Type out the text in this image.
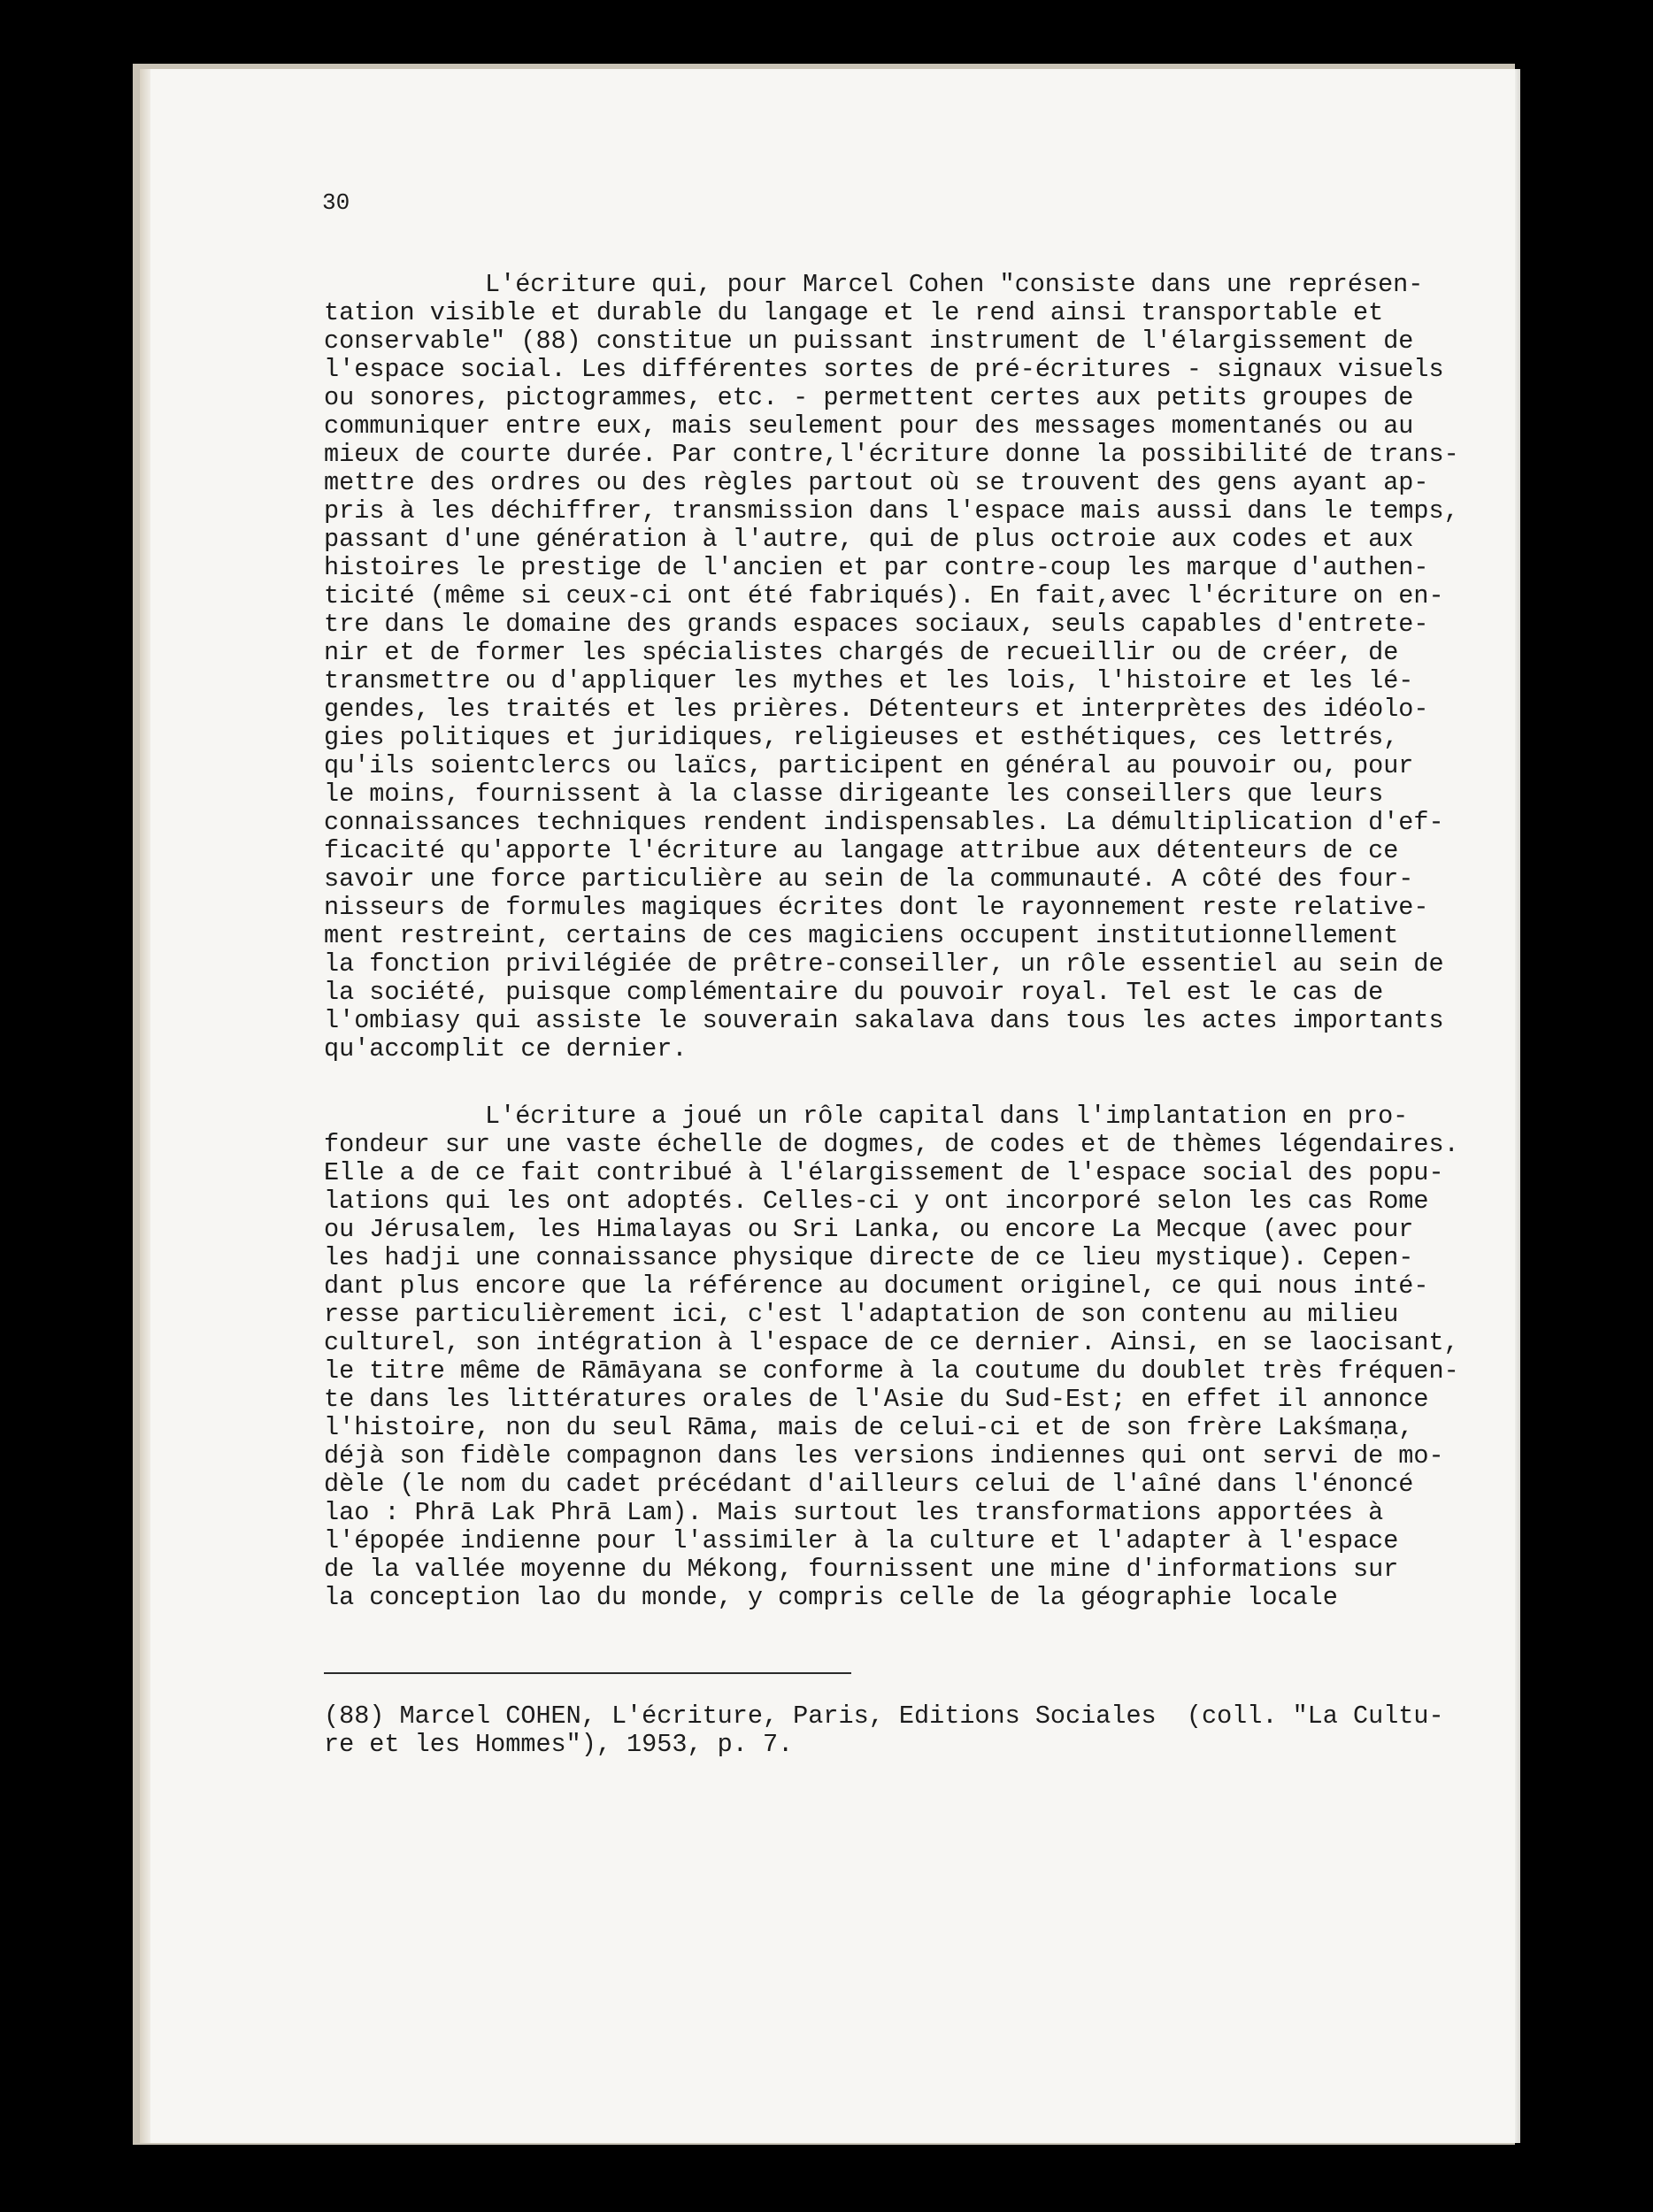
30
L'écriture qui, pour Marcel Cohen "consiste dans une représen-
tation visible et durable du langage et le rend ainsi transportable et
conservable" (88) constitue un puissant instrument de l'élargissement de
l'espace social. Les différentes sortes de pré-écritures - signaux visuels
ou sonores, pictogrammes, etc. - permettent certes aux petits groupes de
communiquer entre eux, mais seulement pour des messages momentanés ou au
mieux de courte durée. Par contre,l'écriture donne la possibilité de trans-
mettre des ordres ou des règles partout où se trouvent des gens ayant ap-
pris à les déchiffrer, transmission dans l'espace mais aussi dans le temps,
passant d'une génération à l'autre, qui de plus octroie aux codes et aux
histoires le prestige de l'ancien et par contre-coup les marque d'authen-
ticité (même si ceux-ci ont été fabriqués). En fait,avec l'écriture on en-
tre dans le domaine des grands espaces sociaux, seuls capables d'entrete-
nir et de former les spécialistes chargés de recueillir ou de créer, de
transmettre ou d'appliquer les mythes et les lois, l'histoire et les lé-
gendes, les traités et les prières. Détenteurs et interprètes des idéolo-
gies politiques et juridiques, religieuses et esthétiques, ces lettrés,
qu'ils soientclercs ou laïcs, participent en général au pouvoir ou, pour
le moins, fournissent à la classe dirigeante les conseillers que leurs
connaissances techniques rendent indispensables. La démultiplication d'ef-
ficacité qu'apporte l'écriture au langage attribue aux détenteurs de ce
savoir une force particulière au sein de la communauté. A côté des four-
nisseurs de formules magiques écrites dont le rayonnement reste relative-
ment restreint, certains de ces magiciens occupent institutionnellement
la fonction privilégiée de prêtre-conseiller, un rôle essentiel au sein de
la société, puisque complémentaire du pouvoir royal. Tel est le cas de
l'ombiasy qui assiste le souverain sakalava dans tous les actes importants
qu'accomplit ce dernier.
L'écriture a joué un rôle capital dans l'implantation en pro-
fondeur sur une vaste échelle de dogmes, de codes et de thèmes légendaires.
Elle a de ce fait contribué à l'élargissement de l'espace social des popu-
lations qui les ont adoptés. Celles-ci y ont incorporé selon les cas Rome
ou Jérusalem, les Himalayas ou Sri Lanka, ou encore La Mecque (avec pour
les hadji une connaissance physique directe de ce lieu mystique). Cepen-
dant plus encore que la référence au document originel, ce qui nous inté-
resse particulièrement ici, c'est l'adaptation de son contenu au milieu
culturel, son intégration à l'espace de ce dernier. Ainsi, en se laocisant,
le titre même de Rāmāyana se conforme à la coutume du doublet très fréquen-
te dans les littératures orales de l'Asie du Sud-Est; en effet il annonce
l'histoire, non du seul Rāma, mais de celui-ci et de son frère Lakśmaṇa,
déjà son fidèle compagnon dans les versions indiennes qui ont servi de mo-
dèle (le nom du cadet précédant d'ailleurs celui de l'aîné dans l'énoncé
lao : Phrā Lak Phrā Lam). Mais surtout les transformations apportées à
l'épopée indienne pour l'assimiler à la culture et l'adapter à l'espace
de la vallée moyenne du Mékong, fournissent une mine d'informations sur
la conception lao du monde, y compris celle de la géographie locale
(88) Marcel COHEN, L'écriture, Paris, Editions Sociales  (coll. "La Cultu-
re et les Hommes"), 1953, p. 7.
